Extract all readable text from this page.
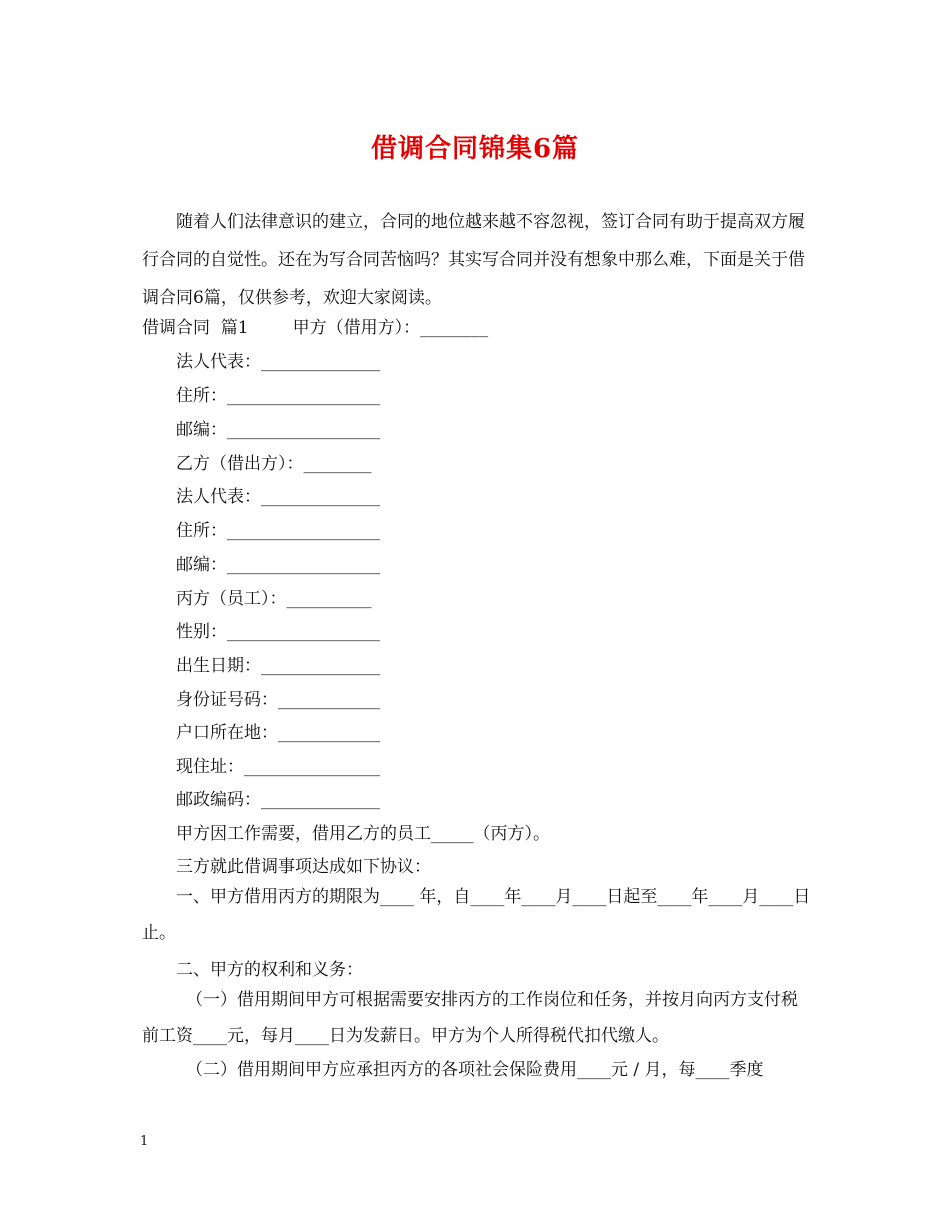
借调合同锦集6篇

随着人们法律意识的建立，合同的地位越来越不容忽视，签订合同有助于提高双方履行合同的自觉性。还在为写合同苦恼吗？其实写合同并没有想象中那么难，下面是关于借调合同6篇，仅供参考，欢迎大家阅读。

借调合同  篇1	甲方（借用方）：________
法人代表：______________
住所：__________________
邮编：__________________
乙方（借出方）：________
法人代表：______________
住所：__________________
邮编：__________________
丙方（员工）：__________
性别：__________________
出生日期：______________
身份证号码：____________
户口所在地：____________
现住址：________________
邮政编码：______________
甲方因工作需要，借用乙方的员工_____（丙方）。
三方就此借调事项达成如下协议：

一、甲方借用丙方的期限为____ 年，自____年____月____日起至____年____月____日止。

二、甲方的权利和义务：

（一）借用期间甲方可根据需要安排丙方的工作岗位和任务，并按月向丙方支付税前工资____元，每月____日为发薪日。甲方为个人所得税代扣代缴人。

（二）借用期间甲方应承担丙方的各项社会保险费用____元 / 月，每____季度
1
